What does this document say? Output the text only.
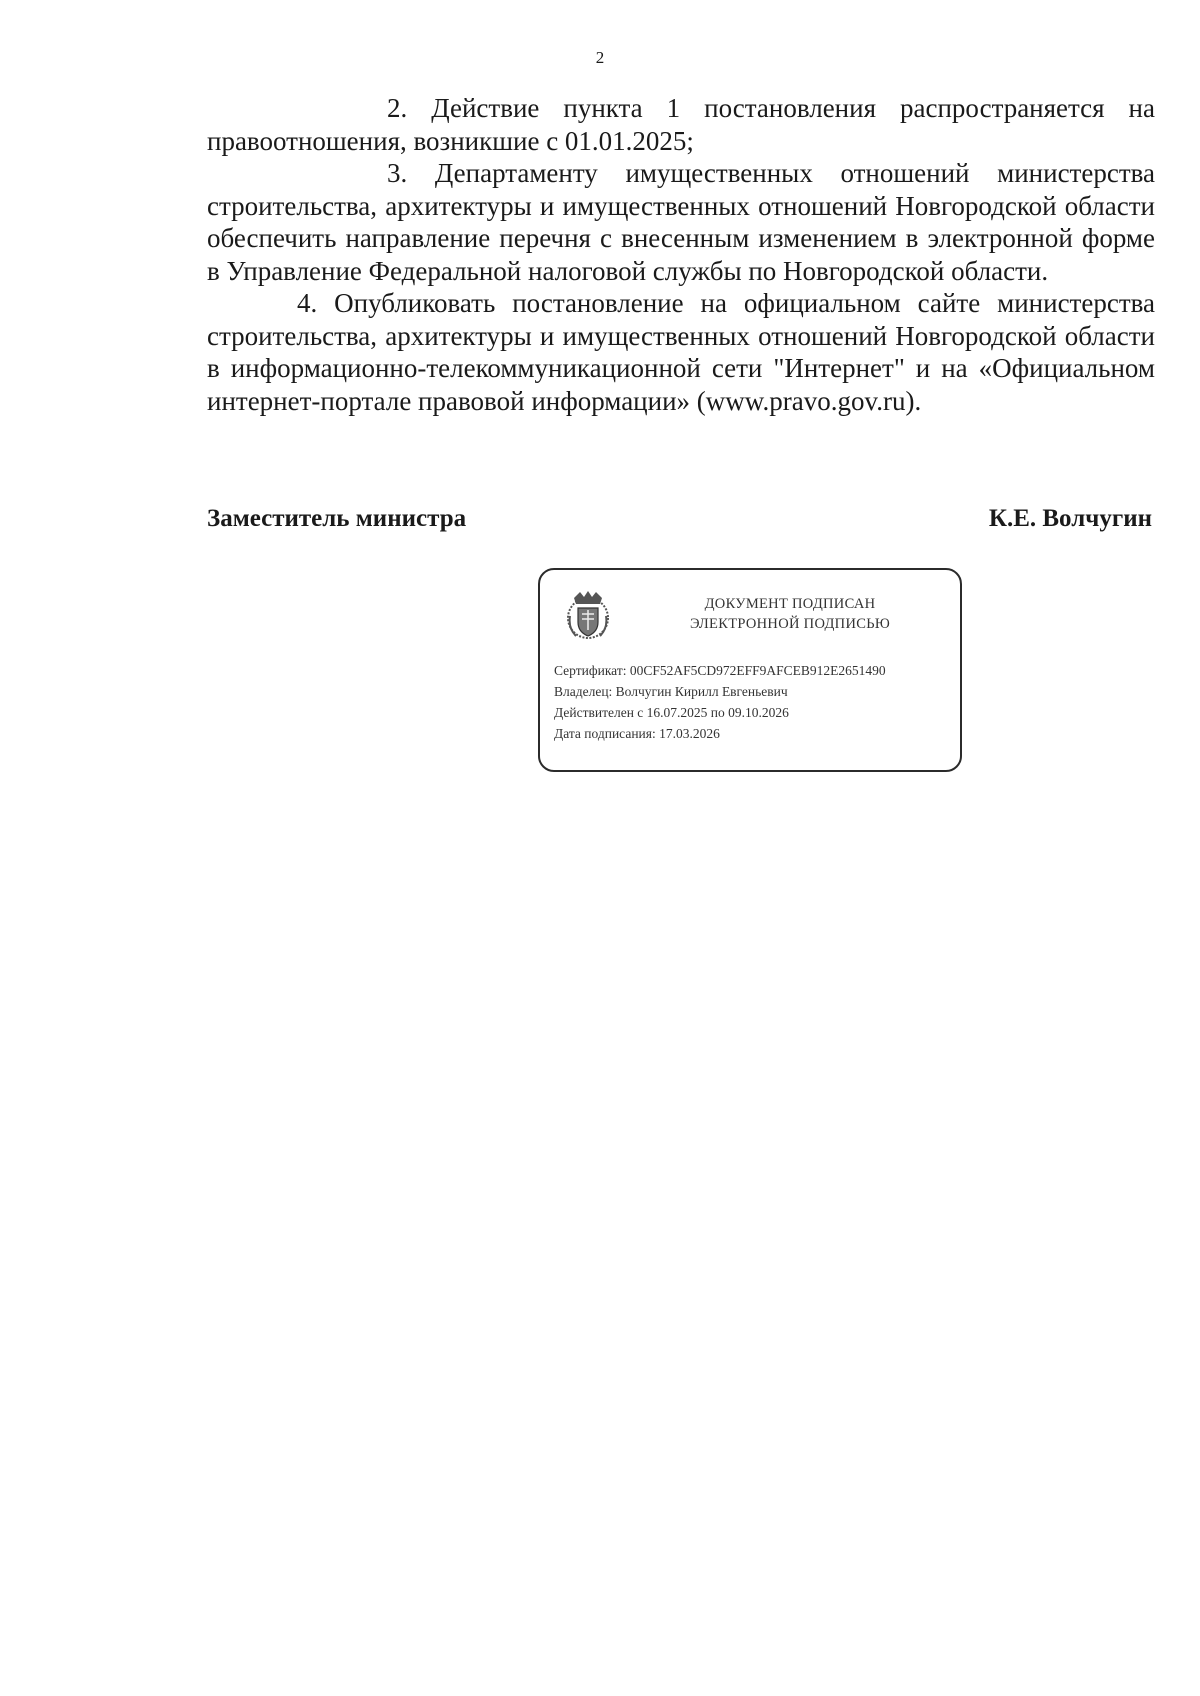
2

2. Действие пункта 1 постановления распространяется на правоотношения, возникшие с 01.01.2025;

3. Департаменту имущественных отношений министерства строительства, архитектуры и имущественных отношений Новгородской области обеспечить направление перечня с внесенным изменением в электронной форме в Управление Федеральной налоговой службы по Новгородской области.

4. Опубликовать постановление на официальном сайте министерства строительства, архитектуры и имущественных отношений Новгородской области в информационно-телекоммуникационной сети "Интернет" и на «Официальном интернет-портале правовой информации» (www.pravo.gov.ru).

Заместитель министра	К.Е. Волчугин
ДОКУМЕНТ ПОДПИСАН
ЭЛЕКТРОННОЙ ПОДПИСЬЮ
Сертификат: 00CF52AF5CD972EFF9AFCEB912E2651490
Владелец: Волчугин Кирилл Евгеньевич
Действителен с 16.07.2025 по 09.10.2026
Дата подписания: 17.03.2026
